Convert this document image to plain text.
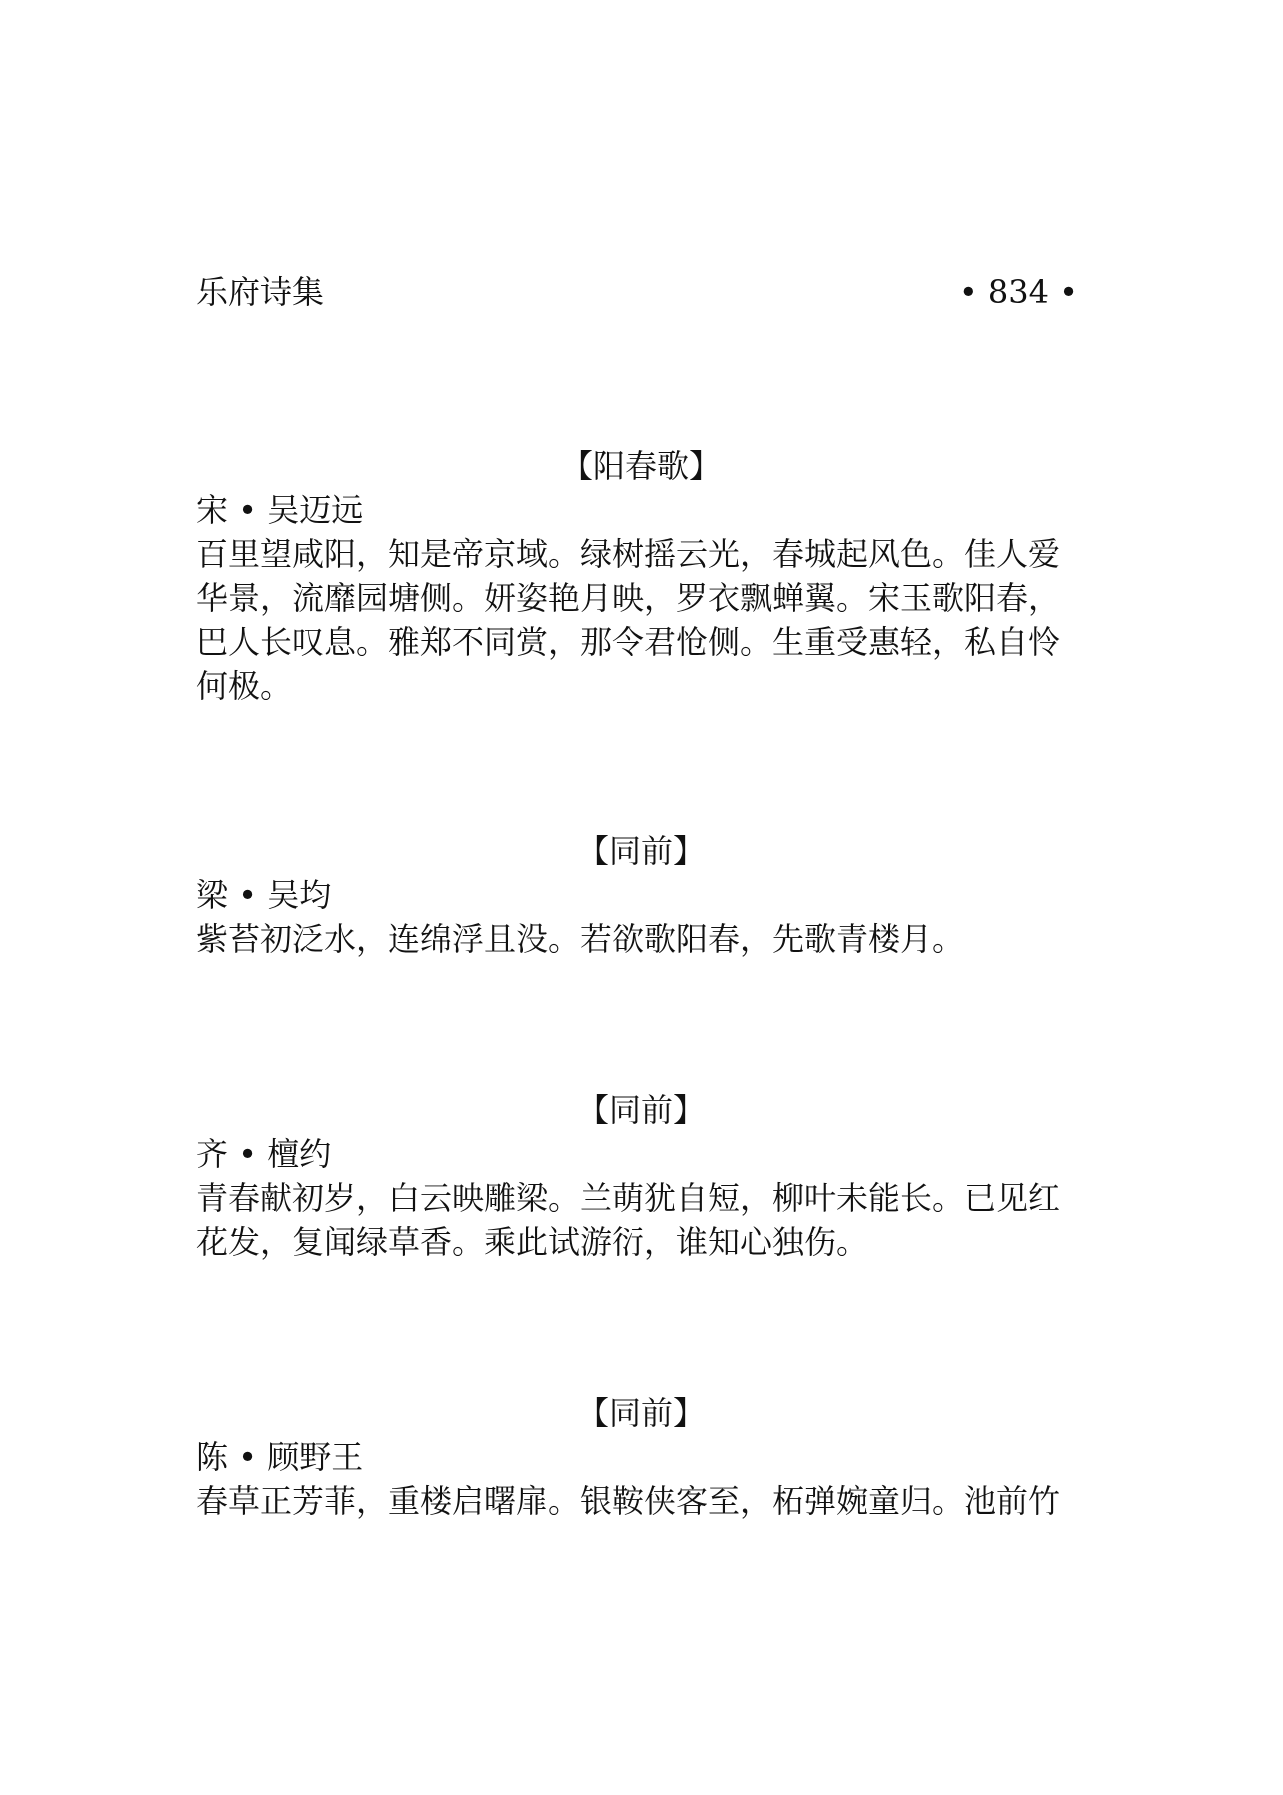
乐府诗集	• 834 •
【阳春歌】
宋 • 吴迈远
百里望咸阳，知是帝京域。绿树摇云光，春城起风色。佳人爱
华景，流靡园塘侧。妍姿艳月映，罗衣飘蝉翼。宋玉歌阳春，
巴人长叹息。雅郑不同赏，那令君怆侧。生重受惠轻，私自怜
何极。
【同前】
梁 • 吴均
紫苔初泛水，连绵浮且没。若欲歌阳春，先歌青楼月。
【同前】
齐 • 檀约
青春献初岁，白云映雕梁。兰萌犹自短，柳叶未能长。已见红
花发，复闻绿草香。乘此试游衍，谁知心独伤。
【同前】
陈 • 顾野王
春草正芳菲，重楼启曙扉。银鞍侠客至，柘弹婉童归。池前竹
